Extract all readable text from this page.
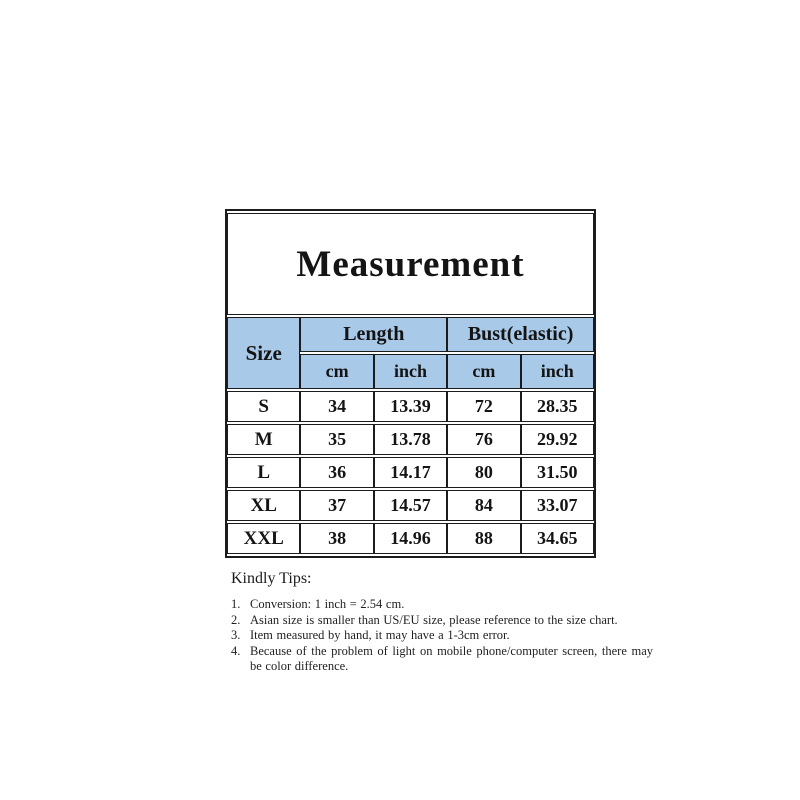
Measurement				
Size	Length		Bust(elastic)	
	cm	inch	cm	inch
S	34	13.39	72	28.35
M	35	13.78	76	29.92
L	36	14.17	80	31.50
XL	37	14.57	84	33.07
XXL	38	14.96	88	34.65

Kindly Tips:

1. Conversion: 1 inch = 2.54 cm.
2. Asian size is smaller than US/EU size, please reference to the size chart.
3. Item measured by hand, it may have a 1-3cm error.
4. Because of the problem of light on mobile phone/computer screen, there may be color difference.
